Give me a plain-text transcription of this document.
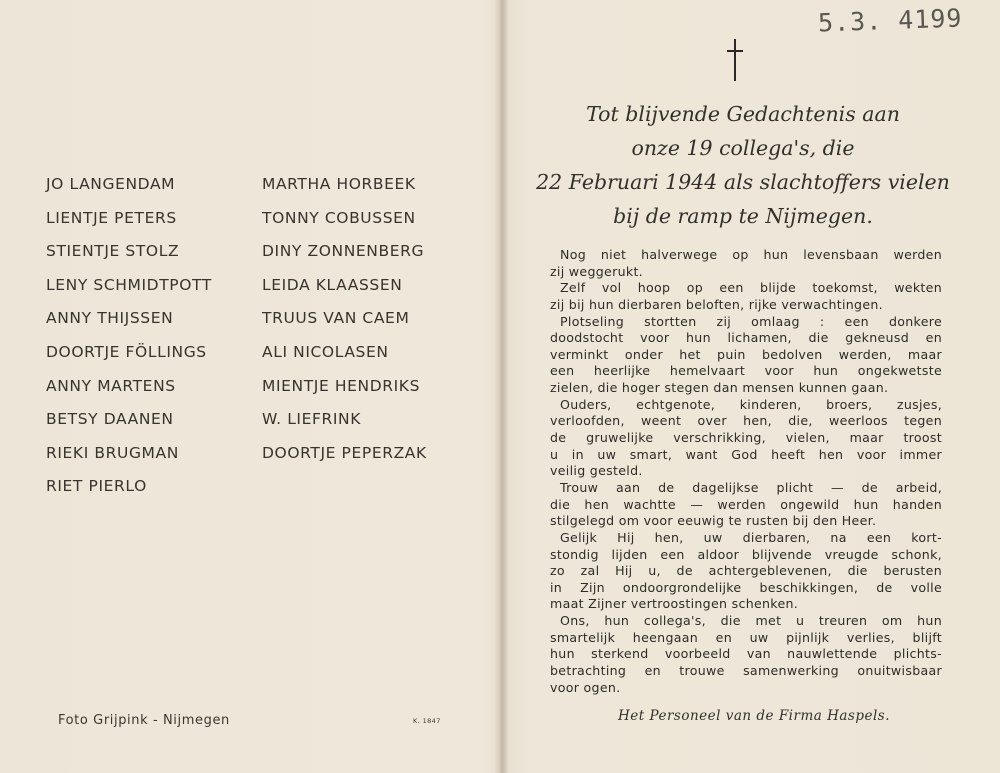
JO LANGENDAM
LIENTJE PETERS
STIENTJE STOLZ
LENY SCHMIDTPOTT
ANNY THIJSSEN
DOORTJE FÖLLINGS
ANNY MARTENS
BETSY DAANEN
RIEKI BRUGMAN
RIET PIERLO
MARTHA HORBEEK
TONNY COBUSSEN
DINY ZONNENBERG
LEIDA KLAASSEN
TRUUS VAN CAEM
ALI NICOLASEN
MIENTJE HENDRIKS
W. LIEFRINK
DOORTJE PEPERZAK
Foto Grijpink - Nijmegen	K. 1847
5.3. 4199
Tot blijvende Gedachtenis aan
onze 19 collega's, die
22 Februari 1944 als slachtoffers vielen
bij de ramp te Nijmegen.
Nog niet halverwege op hun levensbaan werden
zij weggerukt.
Zelf vol hoop op een blijde toekomst, wekten
zij bij hun dierbaren beloften, rijke verwachtingen.
Plotseling stortten zij omlaag : een donkere
doodstocht voor hun lichamen, die gekneusd en
verminkt onder het puin bedolven werden, maar
een heerlijke hemelvaart voor hun ongekwetste
zielen, die hoger stegen dan mensen kunnen gaan.
Ouders, echtgenote, kinderen, broers, zusjes,
verloofden, weent over hen, die, weerloos tegen
de gruwelijke verschrikking, vielen, maar troost
u in uw smart, want God heeft hen voor immer
veilig gesteld.
Trouw aan de dagelijkse plicht — de arbeid,
die hen wachtte — werden ongewild hun handen
stilgelegd om voor eeuwig te rusten bij den Heer.
Gelijk Hij hen, uw dierbaren, na een kort-
stondig lijden een aldoor blijvende vreugde schonk,
zo zal Hij u, de achtergeblevenen, die berusten
in Zijn ondoorgrondelijke beschikkingen, de volle
maat Zijner vertroostingen schenken.
Ons, hun collega's, die met u treuren om hun
smartelijk heengaan en uw pijnlijk verlies, blijft
hun sterkend voorbeeld van nauwlettende plichts-
betrachting en trouwe samenwerking onuitwisbaar
voor ogen.
Het Personeel van de Firma Haspels.
